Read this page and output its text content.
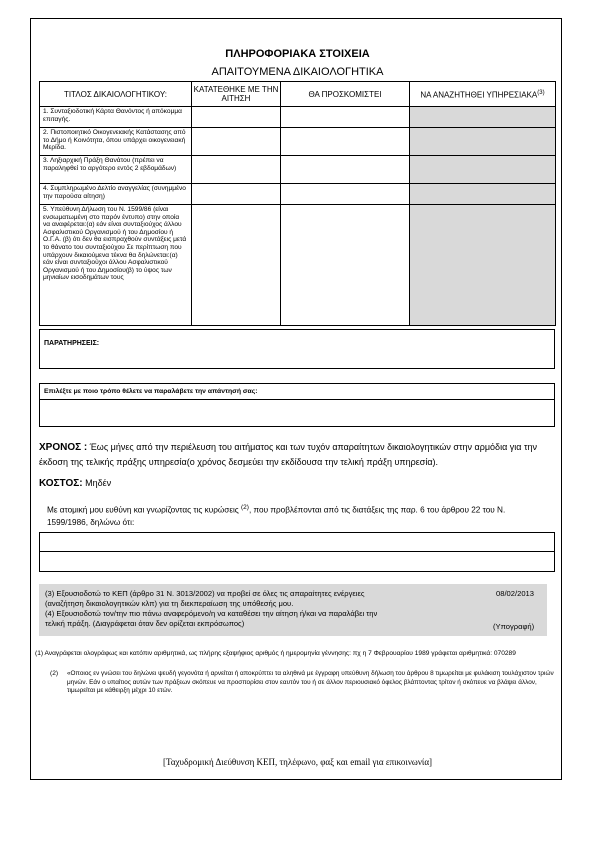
ΠΛΗΡΟΦΟΡΙΑΚΑ ΣΤΟΙΧΕΙΑ
ΑΠΑΙΤΟΥΜΕΝΑ ΔΙΚΑΙΟΛΟΓΗΤΙΚΑ
ΤΙΤΛΟΣ ΔΙΚΑΙΟΛΟΓΗΤΙΚΟΥ:	ΚΑΤΑΤΕΘΗΚΕ ΜΕ ΤΗΝ ΑΙΤΗΣΗ	ΘΑ ΠΡΟΣΚΟΜΙΣΤΕΙ	ΝΑ ΑΝΑΖΗΤΗΘΕΙ ΥΠΗΡΕΣΙΑΚΑ$^{(3)}$
1. Συνταξιοδοτική Κάρτα Θανόντος ή απόκομμα επιταγής.			
2. Πιστοποιητικό Οικογενειακής Κατάστασης από το Δήμο ή Κοινότητα, όπου υπάρχει οικογενειακή Μερίδα.			
3. Ληξιαρχική Πράξη Θανάτου (πρέπει να παραληφθεί το αργότερο εντός 2 εβδομάδων)			
4. Συμπληρωμένο Δελτίο αναγγελίας (συνημμένο την παρούσα αίτηση)			
5. Υπεύθυνη Δήλωση του Ν. 1599/86 (είναι ενσωματωμένη στο παρόν έντυπο) στην οποία να αναφέρεται:(α) εάν είναι συνταξιούχος άλλου Ασφαλιστικού Οργανισμού ή του Δημοσίου ή Ο.Γ.Α. (β) ότι δεν θα εισπραχθούν συντάξεις μετά το θάνατο του συνταξιούχου Σε περίπτωση που υπάρχουν δικαιούμενα τέκνα θα δηλώνεται:(α) εάν είναι συνταξιούχοι άλλου Ασφαλιστικού Οργανισμού ή του Δημοσίου(β) το ύψος των μηνιαίων εισοδημάτων τους			
ΠΑΡΑΤΗΡΗΣΕΙΣ:
Επιλέξτε με ποιο τρόπο θέλετε να παραλάβετε την απάντησή σας:
ΧΡΟΝΟΣ : Έως μήνες από την περιέλευση του αιτήματος και των τυχόν απαραίτητων δικαιολογητικών στην αρμόδια για την έκδοση της τελικής πράξης υπηρεσία(ο χρόνος δεσμεύει την εκδίδουσα την τελική πράξη υπηρεσία).
ΚΟΣΤΟΣ: Μηδέν
Με ατομική μου ευθύνη και γνωρίζοντας τις κυρώσεις $^{(2)}$, που προβλέπονται από τις διατάξεις της παρ. 6 του άρθρου 22 του Ν. 1599/1986, δηλώνω ότι:
(3) Εξουσιοδοτώ το ΚΕΠ (άρθρο 31 Ν. 3013/2002) να προβεί σε όλες τις απαραίτητες ενέργειες (αναζήτηση δικαιολογητικών κλπ) για τη διεκπεραίωση της υπόθεσής μου.
(4) Εξουσιοδοτώ τον/την πιο πάνω αναφερόμενο/η να καταθέσει την αίτηση ή/και να παραλάβει την τελική πράξη. (Διαγράφεται όταν δεν ορίζεται εκπρόσωπος)
08/02/2013
(Υπογραφή)
(1) Αναγράφεται ολογράφως και κατόπιν αριθμητικά, ως πλήρης εξαψήφιος αριθμός ή ημερομηνία γέννησης: πχ η 7 Φεβρουαρίου 1989 γράφεται αριθμητικά: 070289
(2) «Οποιος εν γνώσει του δηλώνει ψευδή γεγονότα ή αρνείται ή αποκρύπτει τα αληθινά με έγγραφη υπεύθυνη δήλωση του άρθρου 8 τιμωρείται με φυλάκιση τουλάχιστον τριών μηνών. Εάν ο υπαίτιος αυτών των πράξεων σκόπευε να προσπορίσει στον εαυτόν του ή σε άλλον περιουσιακό όφελος βλάπτοντας τρίτον ή σκόπευε να βλάψει άλλον, τιμωρείται με κάθειρξη μέχρι 10 ετών.
[Ταχυδρομική Διεύθυνση ΚΕΠ, τηλέφωνο, φαξ και email για επικοινωνία]
